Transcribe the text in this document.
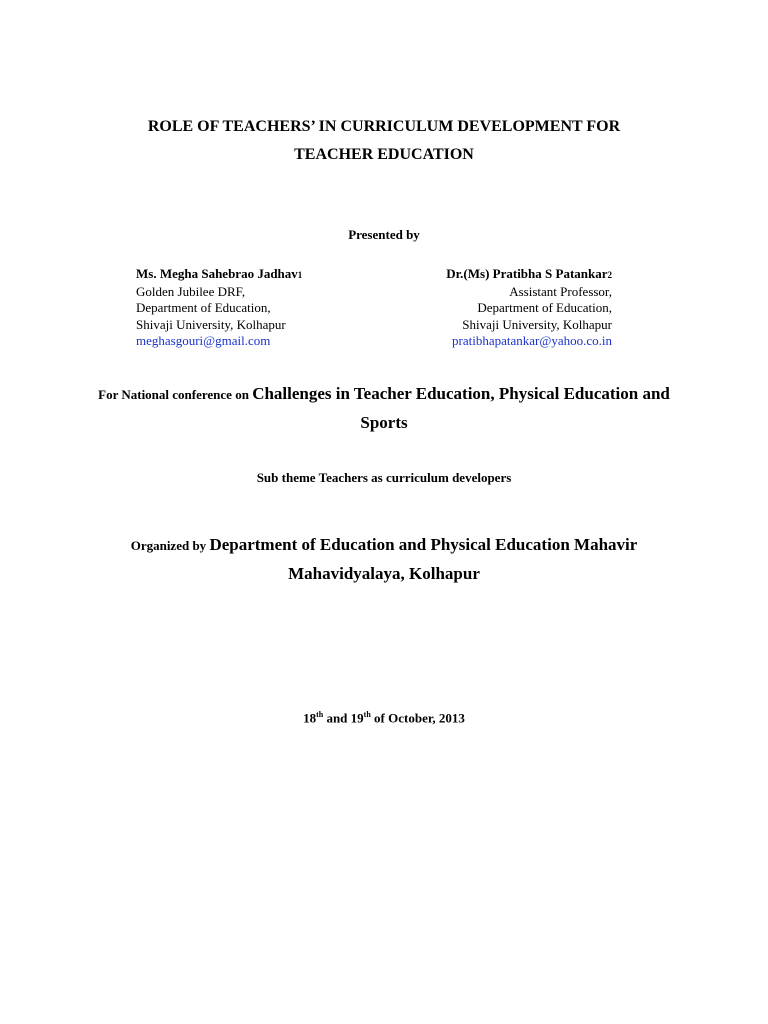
ROLE OF TEACHERS’ IN CURRICULUM DEVELOPMENT FOR
TEACHER EDUCATION
Presented by
Ms. Megha Sahebrao Jadhav1
Golden Jubilee DRF,
Department of Education,
Shivaji University, Kolhapur
meghasgouri@gmail.com
Dr.(Ms) Pratibha S Patankar2
Assistant Professor,
Department of Education,
Shivaji University, Kolhapur
pratibhapatankar@yahoo.co.in
For National conference on Challenges in Teacher Education, Physical Education and
Sports
Sub theme Teachers as curriculum developers
Organized by Department of Education and Physical Education Mahavir
Mahavidyalaya, Kolhapur
18th and 19th of October, 2013
